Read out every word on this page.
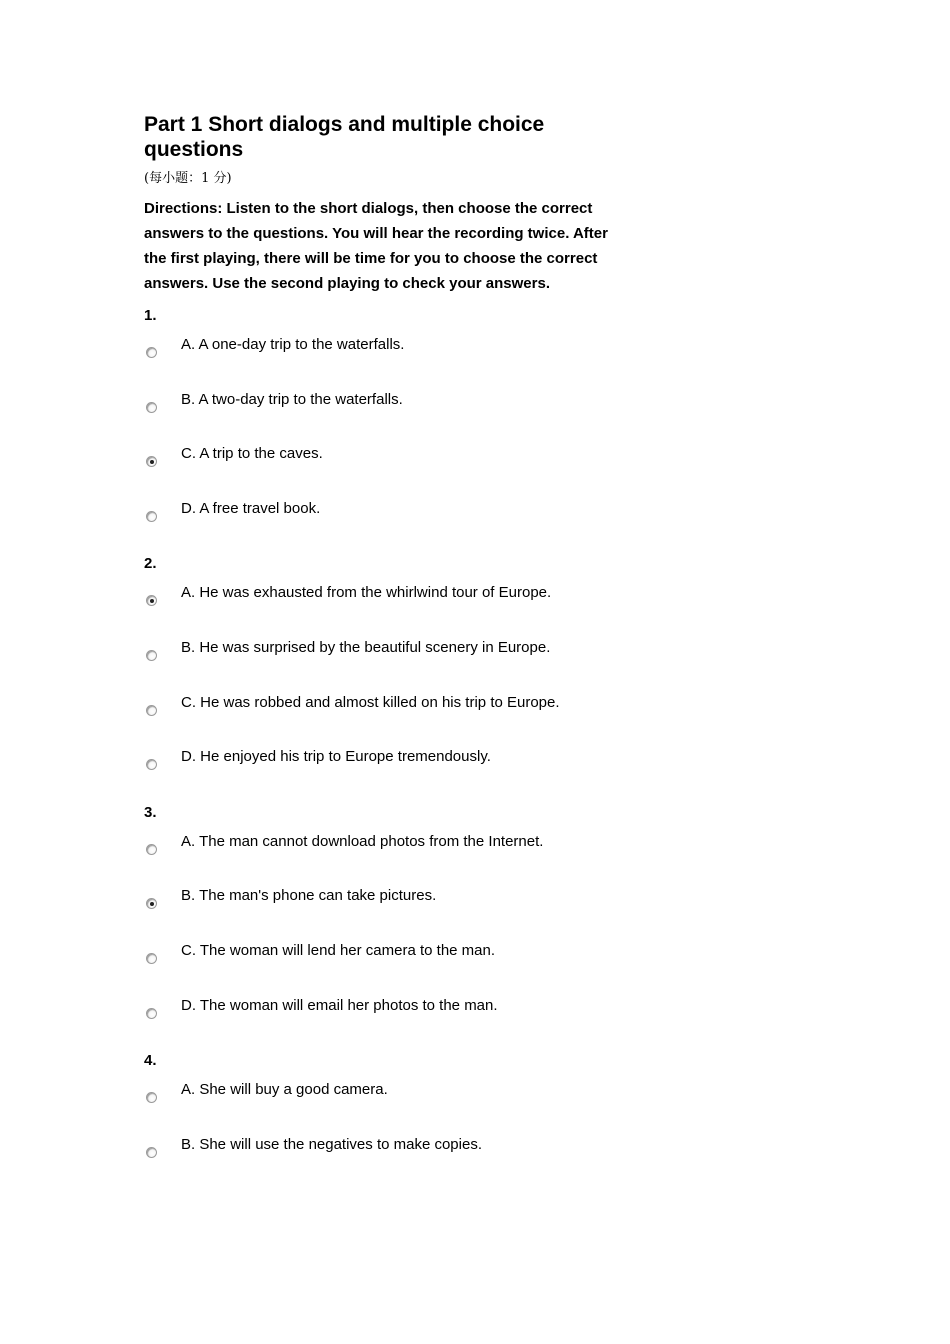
Part 1 Short dialogs and multiple choice questions
(每小题：1 分)
Directions: Listen to the short dialogs, then choose the correct answers to the questions. You will hear the recording twice. After the first playing, there will be time for you to choose the correct answers. Use the second playing to check your answers.
1.
A. A one-day trip to the waterfalls.
B. A two-day trip to the waterfalls.
C. A trip to the caves.
D. A free travel book.
2.
A. He was exhausted from the whirlwind tour of Europe.
B. He was surprised by the beautiful scenery in Europe.
C. He was robbed and almost killed on his trip to Europe.
D. He enjoyed his trip to Europe tremendously.
3.
A. The man cannot download photos from the Internet.
B. The man's phone can take pictures.
C. The woman will lend her camera to the man.
D. The woman will email her photos to the man.
4.
A. She will buy a good camera.
B. She will use the negatives to make copies.
